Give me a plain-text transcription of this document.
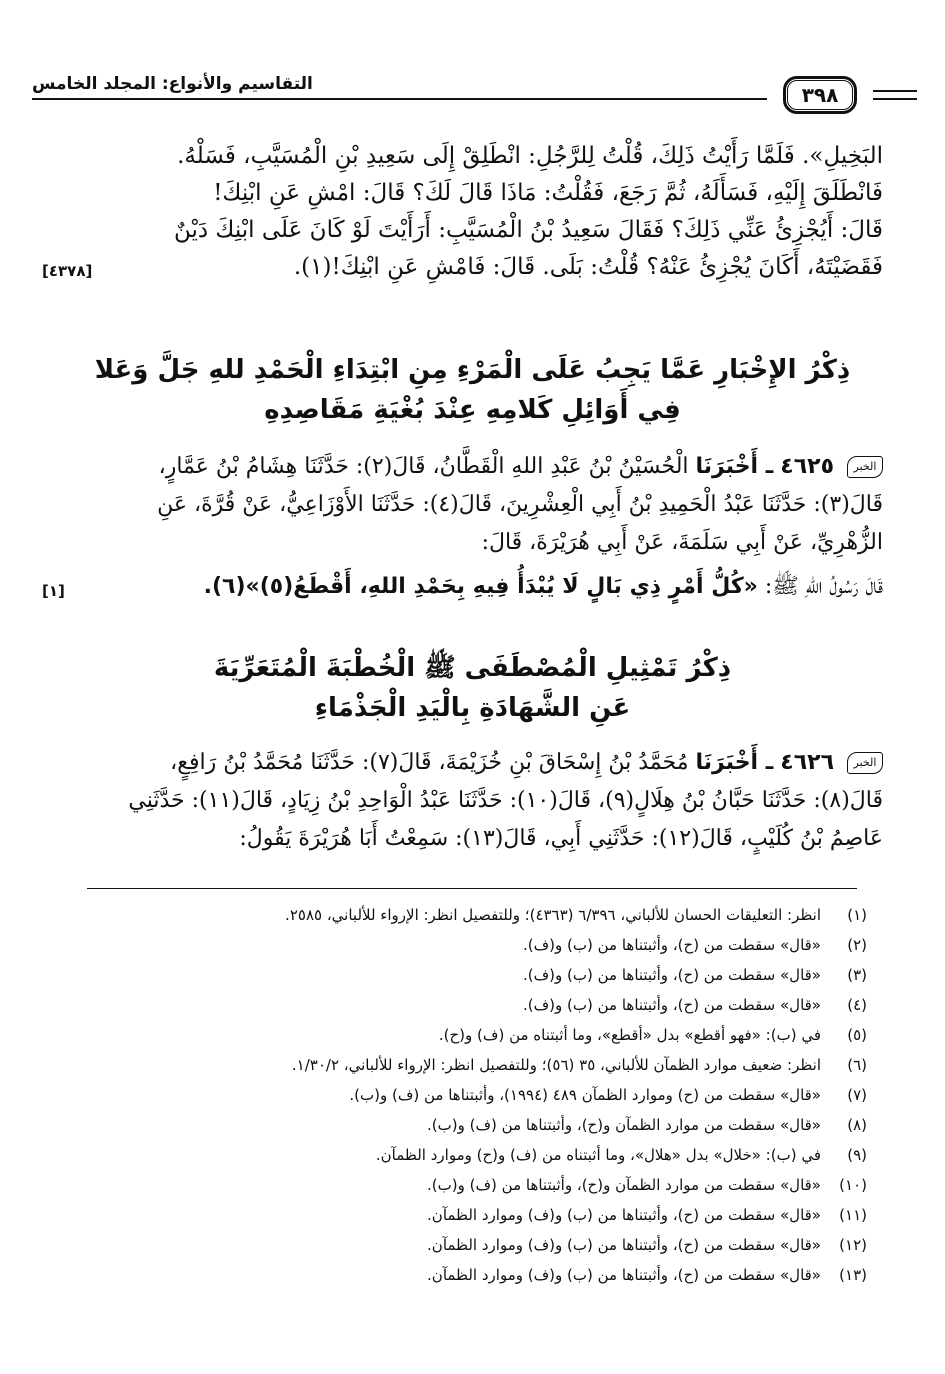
٣٩٨
التقاسيم والأنواع: المجلد الخامس

البَخِيلِ». فَلَمَّا رَأَيْتُ ذَلِكَ، قُلْتُ لِلرَّجُلِ: انْطَلِقْ إِلَى سَعِيدِ بْنِ الْمُسَيَّبِ، فَسَلْهُ.

فَانْطَلَقَ إِلَيْهِ، فَسَأَلَهُ، ثُمَّ رَجَعَ، فَقُلْتُ: مَاذَا قَالَ لَكَ؟ قَالَ: امْشِ عَنِ ابْنِكَ!

قَالَ: أَيُجْزِئُ عَنِّي ذَلِكَ؟ فَقَالَ سَعِيدُ بْنُ الْمُسَيَّبِ: أَرَأَيْتَ لَوْ كَانَ عَلَى ابْنِكَ دَيْنٌ

[٤٣٧٨]	فَقَضَيْتَهُ، أَكَانَ يُجْزِئُ عَنْهُ؟ قُلْتُ: بَلَى. قَالَ: فَامْشِ عَنِ ابْنِكَ!(١).

ذِكْرُ الإِخْبَارِ عَمَّا يَجِبُ عَلَى الْمَرْءِ مِنِ ابْتِدَاءِ الْحَمْدِ للهِ جَلَّ وَعَلا
فِي أَوَائِلِ كَلامِهِ عِنْدَ بُغْيَةِ مَقَاصِدِهِ

الخبر ٤٦٢٥ ـ أَخْبَرَنَا الْحُسَيْنُ بْنُ عَبْدِ اللهِ الْقَطَّانُ، قَالَ(٢): حَدَّثَنَا هِشَامُ بْنُ عَمَّارٍ،

قَالَ(٣): حَدَّثَنَا عَبْدُ الْحَمِيدِ بْنُ أَبِي الْعِشْرِينَ، قَالَ(٤): حَدَّثَنَا الأَوْزَاعِيُّ، عَنْ قُرَّةَ، عَنِ

الزُّهْرِيِّ، عَنْ أَبِي سَلَمَةَ، عَنْ أَبِي هُرَيْرَةَ، قَالَ:

[١]	قَالَ رَسُولُ اللهِ ﷺ: «كُلُّ أَمْرٍ ذِي بَالٍ لَا يُبْدَأُ فِيهِ بِحَمْدِ اللهِ، أَقْطَعُ(٥)»(٦).

ذِكْرُ تَمْثِيلِ الْمُصْطَفَى ﷺ الْخُطْبَةَ الْمُتَعَرِّيَةَ
عَنِ الشَّهَادَةِ بِالْيَدِ الْجَذْمَاءِ

الخبر ٤٦٢٦ ـ أَخْبَرَنَا مُحَمَّدُ بْنُ إِسْحَاقَ بْنِ خُزَيْمَةَ، قَالَ(٧): حَدَّثَنَا مُحَمَّدُ بْنُ رَافِعٍ،

قَالَ(٨): حَدَّثَنَا حَبَّانُ بْنُ هِلَالٍ(٩)، قَالَ(١٠): حَدَّثَنَا عَبْدُ الْوَاحِدِ بْنُ زِيَادٍ، قَالَ(١١): حَدَّثَنِي

عَاصِمُ بْنُ كُلَيْبٍ، قَالَ(١٢): حَدَّثَنِي أَبِي، قَالَ(١٣): سَمِعْتُ أَبَا هُرَيْرَةَ يَقُولُ:

(١)انظر: التعليقات الحسان للألباني، ٦/٣٩٦ (٤٣٦٣)؛ وللتفصيل انظر: الإرواء للألباني، ٢٥٨٥.
(٢)«قال» سقطت من (ح)، وأثبتناها من (ب) و(ف).
(٣)«قال» سقطت من (ح)، وأثبتناها من (ب) و(ف).
(٤)«قال» سقطت من (ح)، وأثبتناها من (ب) و(ف).
(٥)في (ب): «فهو أقطع» بدل «أقطع»، وما أثبتناه من (ف) و(ح).
(٦)انظر: ضعيف موارد الظمآن للألباني، ٣٥ (٥٦)؛ وللتفصيل انظر: الإرواء للألباني، ١/٣٠/٢.
(٧)«قال» سقطت من (ح) وموارد الظمآن ٤٨٩ (١٩٩٤)، وأثبتناها من (ف) و(ب).
(٨)«قال» سقطت من موارد الظمآن و(ح)، وأثبتناها من (ف) و(ب).
(٩)في (ب): «خلال» بدل «هلال»، وما أثبتناه من (ف) و(ح) وموارد الظمآن.
(١٠)«قال» سقطت من موارد الظمآن و(ح)، وأثبتناها من (ف) و(ب).
(١١)«قال» سقطت من (ح)، وأثبتناها من (ب) و(ف) وموارد الظمآن.
(١٢)«قال» سقطت من (ح)، وأثبتناها من (ب) و(ف) وموارد الظمآن.
(١٣)«قال» سقطت من (ح)، وأثبتناها من (ب) و(ف) وموارد الظمآن.
